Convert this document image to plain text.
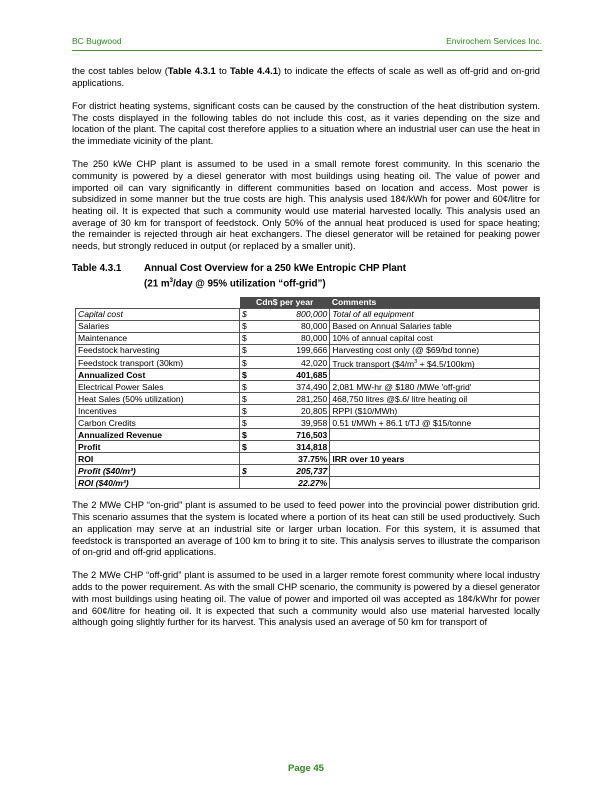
BC Bugwood	Envirochem Services Inc.

the cost tables below (Table 4.3.1 to Table 4.4.1) to indicate the effects of scale as well as off-grid and on-grid applications.

For district heating systems, significant costs can be caused by the construction of the heat distribution system. The costs displayed in the following tables do not include this cost, as it varies depending on the size and location of the plant. The capital cost therefore applies to a situation where an industrial user can use the heat in the immediate vicinity of the plant.

The 250 kWe CHP plant is assumed to be used in a small remote forest community. In this scenario the community is powered by a diesel generator with most buildings using heating oil. The value of power and imported oil can vary significantly in different communities based on location and access. Most power is subsidized in some manner but the true costs are high. This analysis used 18¢/kWh for power and 60¢/litre for heating oil. It is expected that such a community would use material harvested locally. This analysis used an average of 30 km for transport of feedstock. Only 50% of the annual heat produced is used for space heating; the remainder is rejected through air heat exchangers. The diesel generator will be retained for peaking power needs, but strongly reduced in output (or replaced by a smaller unit).

Table 4.3.1	Annual Cost Overview for a 250 kWe Entropic CHP Plant
(21 $m^3$/day @ 95% utilization “off-grid”)
	Cdn$ per year		Comments
Capital cost	$	800,000	Total of all equipment
Salaries	$	80,000	Based on Annual Salaries table
Maintenance	$	80,000	10% of annual capital cost
Feedstock harvesting	$	199,666	Harvesting cost only (@ $69/bd tonne)
Feedstock transport (30km)	$	42,020	Truck transport ($\$4/m^3$ + $4.5/100km)
Annualized Cost	$	401,685	
Electrical Power Sales	$	374,490	2,081 MW-hr @ $180 /MWe 'off-grid'
Heat Sales (50% utilization)	$	281,250	468,750 litres @$.6/ litre heating oil
Incentives	$	20,805	RPPI ($10/MWh)
Carbon Credits	$	39,958	0.51 t/MWh + 86.1 t/TJ @ $15/tonne
Annualized Revenue	$	716,503	
Profit	$	314,818	
ROI		37.75%	IRR over 10 years
Profit ($40/m³)	$	205,737	
ROI ($40/m³)		22.27%	

The 2 MWe CHP “on-grid” plant is assumed to be used to feed power into the provincial power distribution grid. This scenario assumes that the system is located where a portion of its heat can still be used productively. Such an application may serve at an industrial site or larger urban location. For this system, it is assumed that feedstock is transported an average of 100 km to bring it to site. This analysis serves to illustrate the comparison of on-grid and off-grid applications.

The 2 MWe CHP “off-grid” plant is assumed to be used in a larger remote forest community where local industry adds to the power requirement. As with the small CHP scenario, the community is powered by a diesel generator with most buildings using heating oil. The value of power and imported oil was accepted as 18¢/kWhr for power and 60¢/litre for heating oil. It is expected that such a community would also use material harvested locally although going slightly further for its harvest. This analysis used an average of 50 km for transport of

Page 45
